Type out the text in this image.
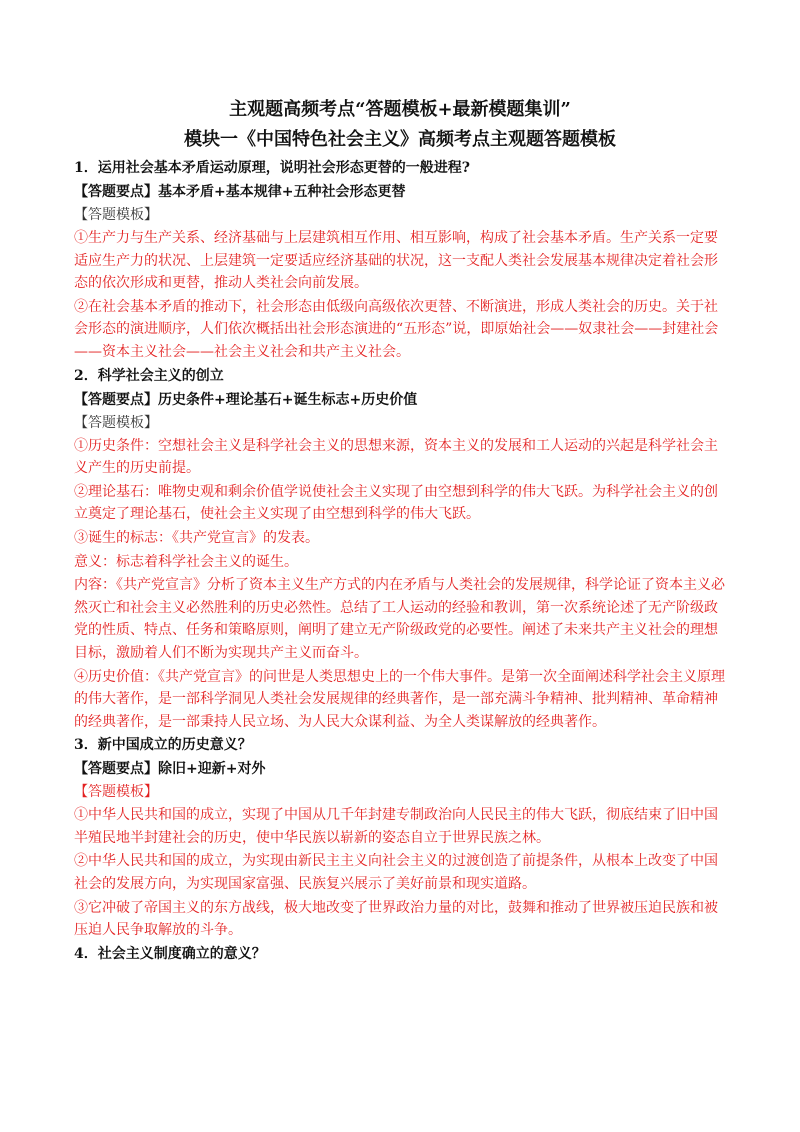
主观题高频考点“答题模板+最新模题集训”

模块一《中国特色社会主义》高频考点主观题答题模板

1．运用社会基本矛盾运动原理，说明社会形态更替的一般进程?

【答题要点】基本矛盾+基本规律+五种社会形态更替

【答题模板】

①生产力与生产关系、经济基础与上层建筑相互作用、相互影响，构成了社会基本矛盾。生产关系一定要适应生产力的状况、上层建筑一定要适应经济基础的状况，这一支配人类社会发展基本规律决定着社会形态的依次形成和更替，推动人类社会向前发展。

②在社会基本矛盾的推动下，社会形态由低级向高级依次更替、不断演进，形成人类社会的历史。关于社会形态的演进顺序，人们依次概括出社会形态演进的“五形态”说，即原始社会——奴隶社会——封建社会——资本主义社会——社会主义社会和共产主义社会。

2．科学社会主义的创立

【答题要点】历史条件+理论基石+诞生标志+历史价值

【答题模板】

①历史条件：空想社会主义是科学社会主义的思想来源，资本主义的发展和工人运动的兴起是科学社会主义产生的历史前提。

②理论基石：唯物史观和剩余价值学说使社会主义实现了由空想到科学的伟大飞跃。为科学社会主义的创立奠定了理论基石，使社会主义实现了由空想到科学的伟大飞跃。

③诞生的标志：《共产党宣言》的发表。

意义：标志着科学社会主义的诞生。

内容：《共产党宣言》分析了资本主义生产方式的内在矛盾与人类社会的发展规律，科学论证了资本主义必然灭亡和社会主义必然胜利的历史必然性。总结了工人运动的经验和教训，第一次系统论述了无产阶级政党的性质、特点、任务和策略原则，阐明了建立无产阶级政党的必要性。阐述了未来共产主义社会的理想目标，激励着人们不断为实现共产主义而奋斗。

④历史价值：《共产党宣言》的问世是人类思想史上的一个伟大事件。是第一次全面阐述科学社会主义原理的伟大著作，是一部科学洞见人类社会发展规律的经典著作，是一部充满斗争精神、批判精神、革命精神的经典著作，是一部秉持人民立场、为人民大众谋利益、为全人类谋解放的经典著作。

3．新中国成立的历史意义？

【答题要点】除旧+迎新+对外

【答题模板】

①中华人民共和国的成立，实现了中国从几千年封建专制政治向人民民主的伟大飞跃，彻底结束了旧中国半殖民地半封建社会的历史，使中华民族以崭新的姿态自立于世界民族之林。

②中华人民共和国的成立，为实现由新民主主义向社会主义的过渡创造了前提条件，从根本上改变了中国社会的发展方向，为实现国家富强、民族复兴展示了美好前景和现实道路。

③它冲破了帝国主义的东方战线，极大地改变了世界政治力量的对比，鼓舞和推动了世界被压迫民族和被压迫人民争取解放的斗争。

4．社会主义制度确立的意义？
